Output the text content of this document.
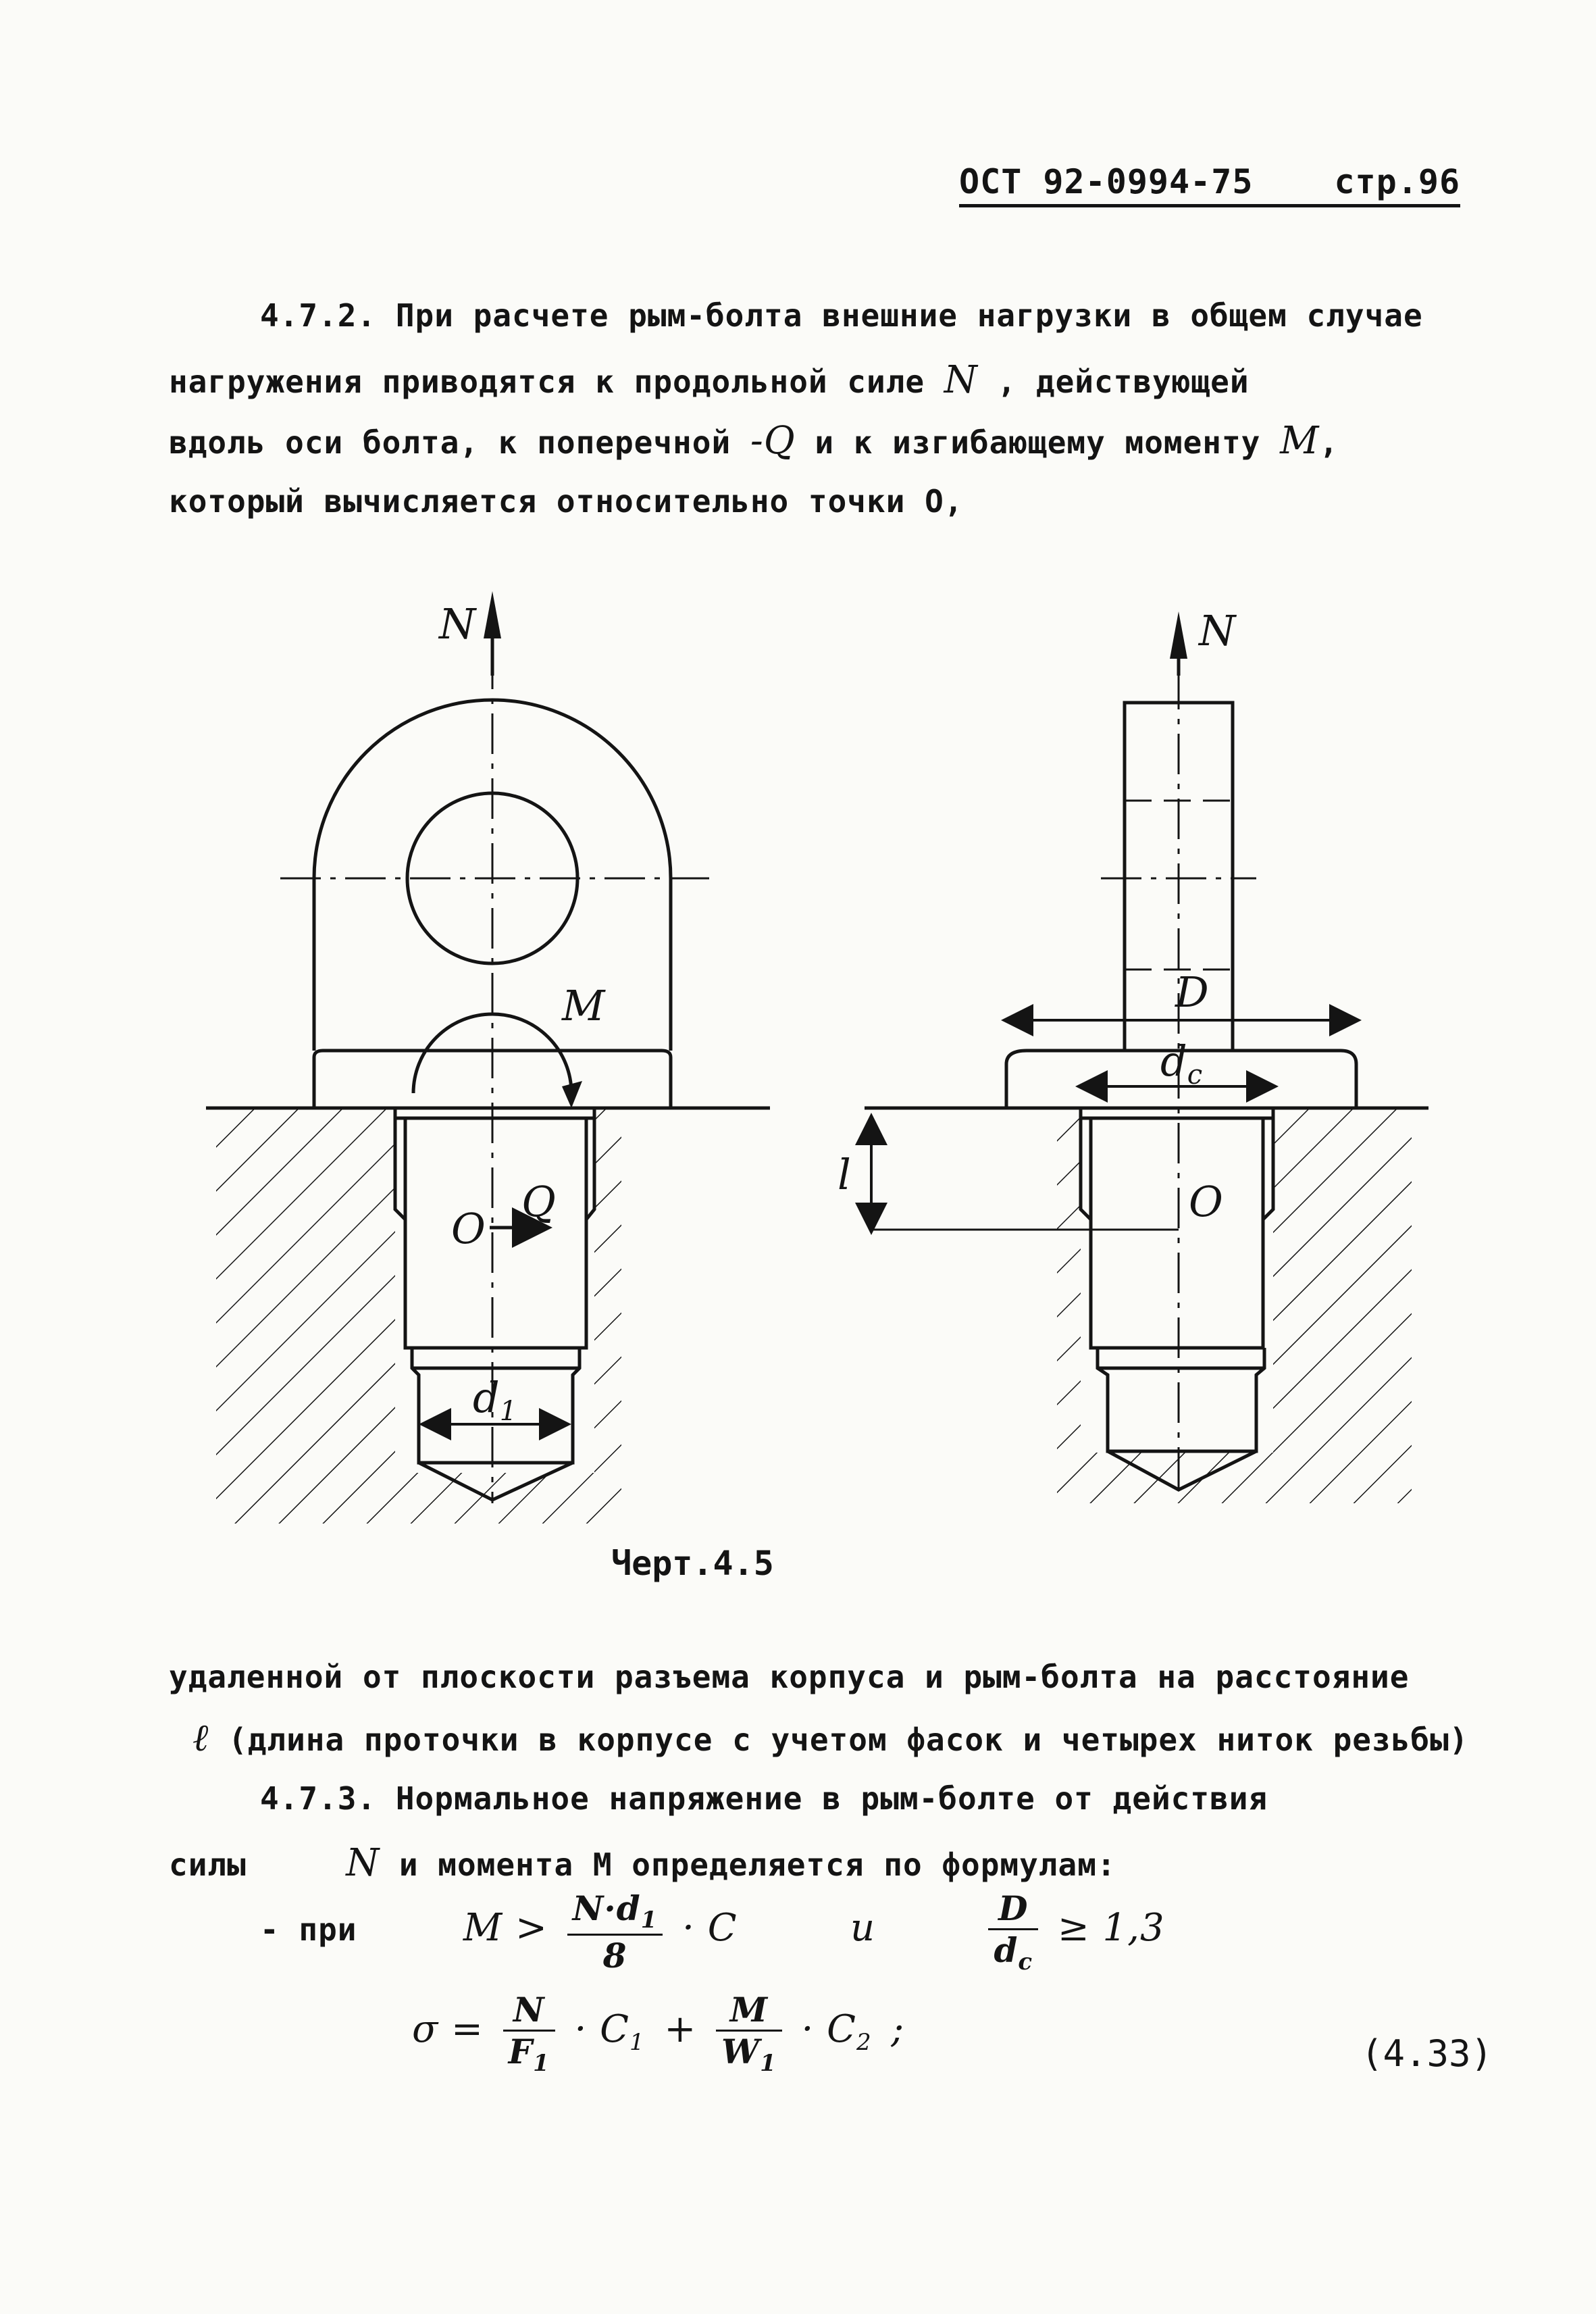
ОСТ 92-0994-75 стр.96
4.7.2. При расчете рым-болта внешние нагрузки в общем случае
нагружения приводятся к продольной силе N , действующей
вдоль оси болта, к поперечной -Q и к изгибающему моменту M,
который вычисляется относительно точки O,
N
M
O
Q
d1
N
D
dc
l
O
Черт.4.5
удаленной от плоскости разъема корпуса и рым-болта на расстояние
ℓ (длина проточки в корпусе с учетом фасок и четырех ниток резьбы)
4.7.3. Нормальное напряжение в рым-болте от действия
силы	N и момента M определяется по формулам:
- при	$M > \frac{N\cdot d_1}{8} \cdot C$	и	$\frac{D}{d_c} \ge 1,3$
$\sigma = \frac{N}{F_1} \cdot C_1 + \frac{M}{W_1} \cdot C_2$ ;
(4.33)
